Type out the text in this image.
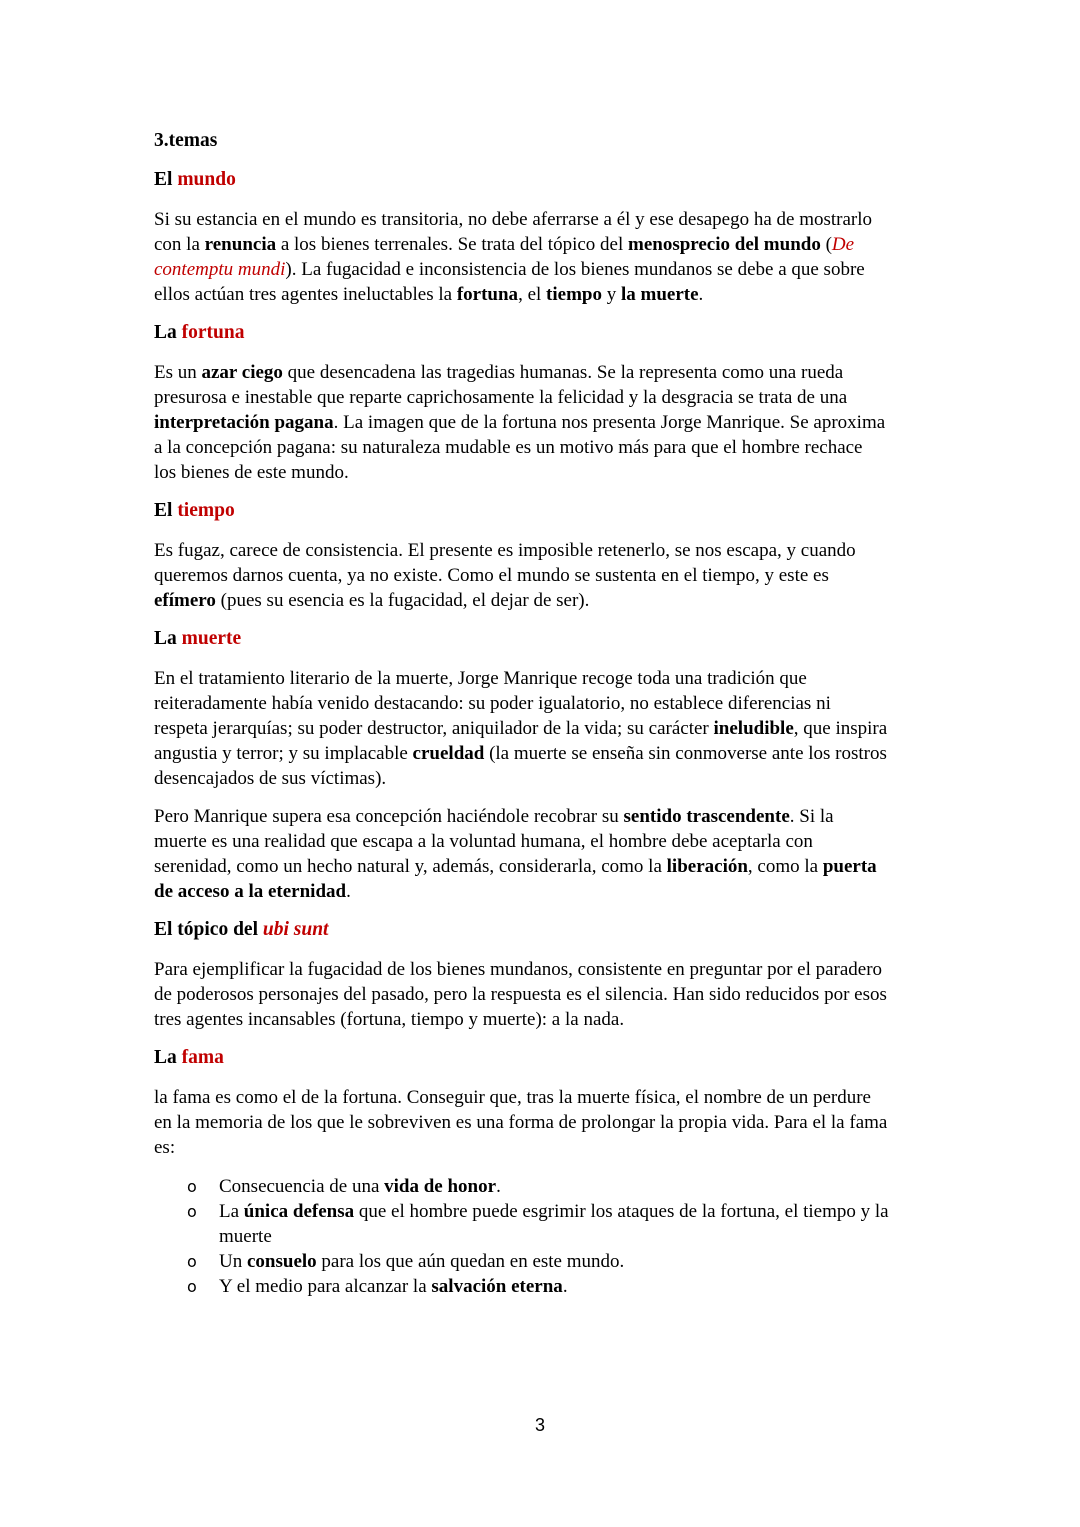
3.temas
El mundo
Si su estancia en el mundo es transitoria, no debe aferrarse a él y ese desapego ha de mostrarlo
con la renuncia a los bienes terrenales. Se trata del tópico del menosprecio del mundo (De
contemptu mundi). La fugacidad e inconsistencia de los bienes mundanos se debe a que sobre
ellos actúan tres agentes ineluctables la fortuna, el tiempo y la muerte.
La fortuna
Es un azar ciego que desencadena las tragedias humanas. Se la representa como una rueda
presurosa e inestable que reparte caprichosamente la felicidad y la desgracia se trata de una
interpretación pagana. La imagen que de la fortuna nos presenta Jorge Manrique. Se aproxima
a la concepción pagana: su naturaleza mudable es un motivo más para que el hombre rechace
los bienes de este mundo.
El tiempo
Es fugaz, carece de consistencia. El presente es imposible retenerlo, se nos escapa, y cuando
queremos darnos cuenta, ya no existe. Como el mundo se sustenta en el tiempo, y este es
efímero (pues su esencia es la fugacidad, el dejar de ser).
La muerte
En el tratamiento literario de la muerte, Jorge Manrique recoge toda una tradición que
reiteradamente había venido destacando: su poder igualatorio, no establece diferencias ni
respeta jerarquías; su poder destructor, aniquilador de la vida; su carácter ineludible, que inspira
angustia y terror; y su implacable crueldad (la muerte se enseña sin conmoverse ante los rostros
desencajados de sus víctimas).
Pero Manrique supera esa concepción haciéndole recobrar su sentido trascendente. Si la
muerte es una realidad que escapa a la voluntad humana, el hombre debe aceptarla con
serenidad, como un hecho natural y, además, considerarla, como la liberación, como la puerta
de acceso a la eternidad.
El tópico del ubi sunt
Para ejemplificar la fugacidad de los bienes mundanos, consistente en preguntar por el paradero
de poderosos personajes del pasado, pero la respuesta es el silencia. Han sido reducidos por esos
tres agentes incansables (fortuna, tiempo y muerte): a la nada.
La fama
la fama es como el de la fortuna. Conseguir que, tras la muerte física, el nombre de un perdure
en la memoria de los que le sobreviven es una forma de prolongar la propia vida. Para el la fama
es:
o Consecuencia de una vida de honor.
o La única defensa que el hombre puede esgrimir los ataques de la fortuna, el tiempo y la
muerte
o Un consuelo para los que aún quedan en este mundo.
o Y el medio para alcanzar la salvación eterna.
3
